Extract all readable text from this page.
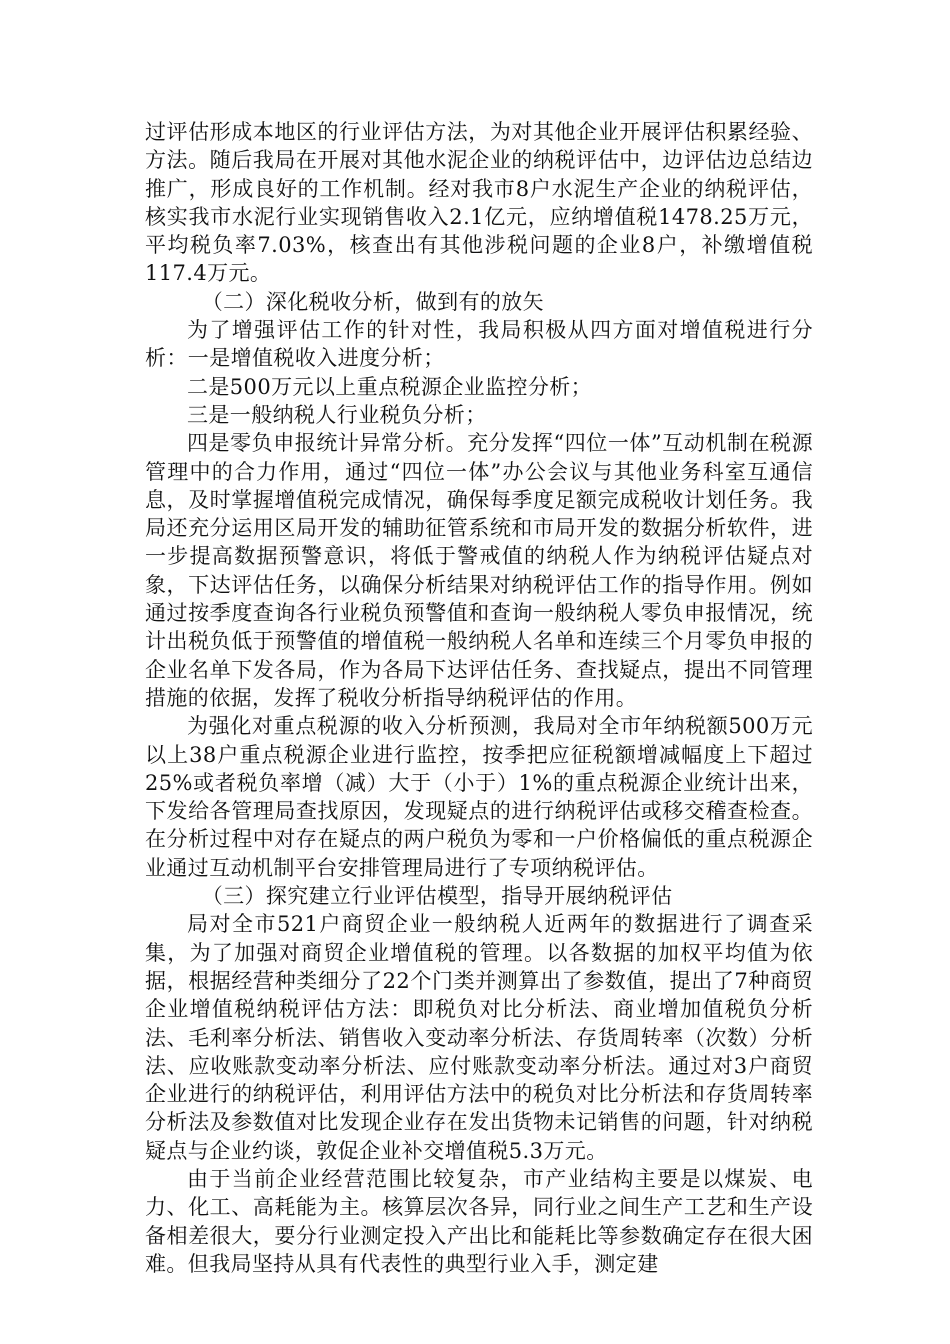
过评估形成本地区的行业评估方法，为对其他企业开展评估积累经验、方法。随后我局在开展对其他水泥企业的纳税评估中，边评估边总结边推广，形成良好的工作机制。经对我市8户水泥生产企业的纳税评估，核实我市水泥行业实现销售收入2.1亿元，应纳增值税1478.25万元，平均税负率7.03%，核查出有其他涉税问题的企业8户，补缴增值税117.4万元。

（二）深化税收分析，做到有的放矢

为了增强评估工作的针对性，我局积极从四方面对增值税进行分析：一是增值税收入进度分析；

二是500万元以上重点税源企业监控分析；

三是一般纳税人行业税负分析；

四是零负申报统计异常分析。充分发挥“四位一体”互动机制在税源管理中的合力作用，通过“四位一体”办公会议与其他业务科室互通信息，及时掌握增值税完成情况，确保每季度足额完成税收计划任务。我局还充分运用区局开发的辅助征管系统和市局开发的数据分析软件，进一步提高数据预警意识，将低于警戒值的纳税人作为纳税评估疑点对象，下达评估任务，以确保分析结果对纳税评估工作的指导作用。例如通过按季度查询各行业税负预警值和查询一般纳税人零负申报情况，统计出税负低于预警值的增值税一般纳税人名单和连续三个月零负申报的企业名单下发各局，作为各局下达评估任务、查找疑点，提出不同管理措施的依据，发挥了税收分析指导纳税评估的作用。

为强化对重点税源的收入分析预测，我局对全市年纳税额500万元以上38户重点税源企业进行监控，按季把应征税额增减幅度上下超过25%或者税负率增（减）大于（小于）1%的重点税源企业统计出来，下发给各管理局查找原因，发现疑点的进行纳税评估或移交稽查检查。在分析过程中对存在疑点的两户税负为零和一户价格偏低的重点税源企业通过互动机制平台安排管理局进行了专项纳税评估。

（三）探究建立行业评估模型，指导开展纳税评估

局对全市521户商贸企业一般纳税人近两年的数据进行了调查采集，为了加强对商贸企业增值税的管理。以各数据的加权平均值为依据，根据经营种类细分了22个门类并测算出了参数值，提出了7种商贸企业增值税纳税评估方法：即税负对比分析法、商业增加值税负分析法、毛利率分析法、销售收入变动率分析法、存货周转率（次数）分析法、应收账款变动率分析法、应付账款变动率分析法。通过对3户商贸企业进行的纳税评估，利用评估方法中的税负对比分析法和存货周转率分析法及参数值对比发现企业存在发出货物未记销售的问题，针对纳税疑点与企业约谈，敦促企业补交增值税5.3万元。

由于当前企业经营范围比较复杂，市产业结构主要是以煤炭、电力、化工、高耗能为主。核算层次各异，同行业之间生产工艺和生产设备相差很大，要分行业测定投入产出比和能耗比等参数确定存在很大困难。但我局坚持从具有代表性的典型行业入手，测定建
